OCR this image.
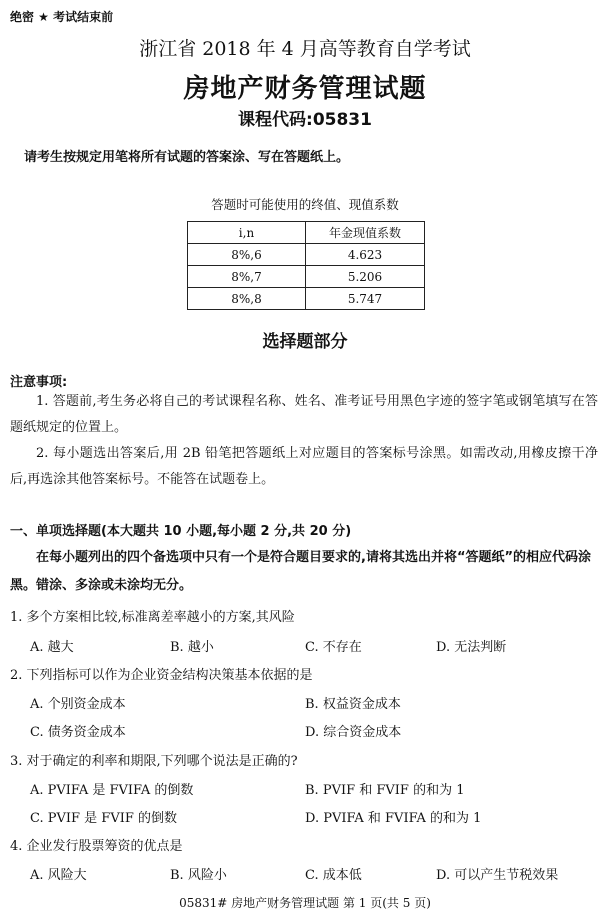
绝密 ★ 考试结束前
浙江省 2018 年 4 月高等教育自学考试
房地产财务管理试题
课程代码:05831
请考生按规定用笔将所有试题的答案涂、写在答题纸上。
答题时可能使用的终值、现值系数
i,n	年金现值系数
8%,6	4.623
8%,7	5.206
8%,8	5.747
选择题部分
注意事项:
1. 答题前,考生务必将自己的考试课程名称、姓名、准考证号用黑色字迹的签字笔或钢笔填写在答题纸规定的位置上。
2. 每小题选出答案后,用 2B 铅笔把答题纸上对应题目的答案标号涂黑。如需改动,用橡皮擦干净后,再选涂其他答案标号。不能答在试题卷上。
一、单项选择题(本大题共 10 小题,每小题 2 分,共 20 分)
在每小题列出的四个备选项中只有一个是符合题目要求的,请将其选出并将“答题纸”的相应代码涂黑。错涂、多涂或未涂均无分。
1. 多个方案相比较,标准离差率越小的方案,其风险
A. 越大	B. 越小	C. 不存在	D. 无法判断
2. 下列指标可以作为企业资金结构决策基本依据的是
A. 个别资金成本	B. 权益资金成本
C. 债务资金成本	D. 综合资金成本
3. 对于确定的利率和期限,下列哪个说法是正确的?
A. PVIFA 是 FVIFA 的倒数	B. PVIF 和 FVIF 的和为 1
C. PVIF 是 FVIF 的倒数	D. PVIFA 和 FVIFA 的和为 1
4. 企业发行股票筹资的优点是
A. 风险大	B. 风险小	C. 成本低	D. 可以产生节税效果
05831# 房地产财务管理试题 第 1 页(共 5 页)
